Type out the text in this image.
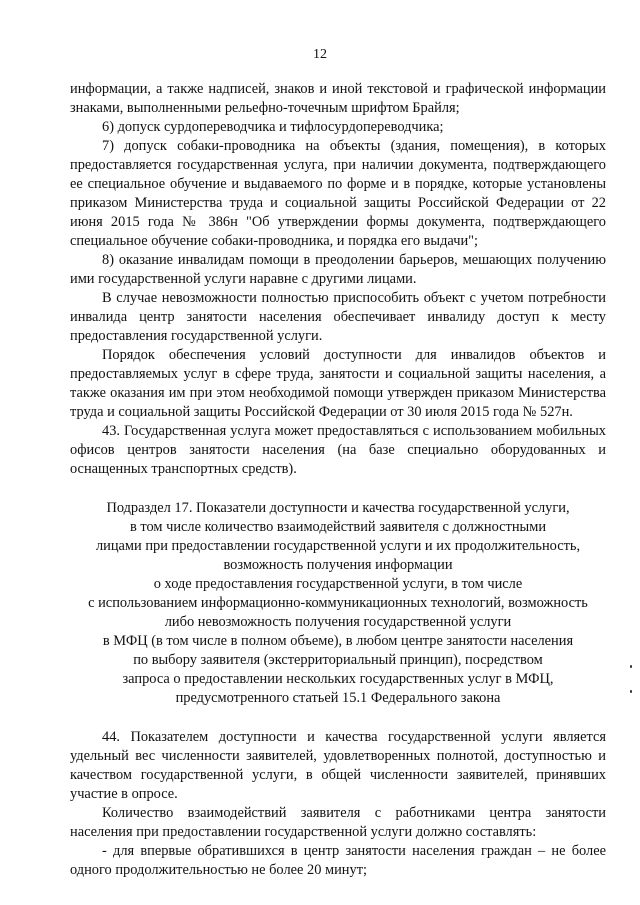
12

информации, а также надписей, знаков и иной текстовой и графической информации знаками, выполненными рельефно-точечным шрифтом Брайля;

6) допуск сурдопереводчика и тифлосурдопереводчика;

7) допуск собаки-проводника на объекты (здания, помещения), в которых предоставляется государственная услуга, при наличии документа, подтверждающего ее специальное обучение и выдаваемого по форме и в порядке, которые установлены приказом Министерства труда и социальной защиты Российской Федерации от 22 июня 2015 года № 386н "Об утверждении формы документа, подтверждающего специальное обучение собаки-проводника, и порядка его выдачи";

8) оказание инвалидам помощи в преодолении барьеров, мешающих получению ими государственной услуги наравне с другими лицами.

В случае невозможности полностью приспособить объект с учетом потребности инвалида центр занятости населения обеспечивает инвалиду доступ к месту предоставления государственной услуги.

Порядок обеспечения условий доступности для инвалидов объектов и предоставляемых услуг в сфере труда, занятости и социальной защиты населения, а также оказания им при этом необходимой помощи утвержден приказом Министерства труда и социальной защиты Российской Федерации от 30 июля 2015 года № 527н.

43. Государственная услуга может предоставляться с использованием мобильных офисов центров занятости населения (на базе специально оборудованных и оснащенных транспортных средств).

Подраздел 17. Показатели доступности и качества государственной услуги,
в том числе количество взаимодействий заявителя с должностными
лицами при предоставлении государственной услуги и их продолжительность,
возможность получения информации
о ходе предоставления государственной услуги, в том числе
с использованием информационно-коммуникационных технологий, возможность
либо невозможность получения государственной услуги
в МФЦ (в том числе в полном объеме), в любом центре занятости населения
по выбору заявителя (экстерриториальный принцип), посредством
запроса о предоставлении нескольких государственных услуг в МФЦ,
предусмотренного статьей 15.1 Федерального закона

44. Показателем доступности и качества государственной услуги является удельный вес численности заявителей, удовлетворенных полнотой, доступностью и качеством государственной услуги, в общей численности заявителей, принявших участие в опросе.

Количество взаимодействий заявителя с работниками центра занятости населения при предоставлении государственной услуги должно составлять:

- для впервые обратившихся в центр занятости населения граждан – не более одного продолжительностью не более 20 минут;
